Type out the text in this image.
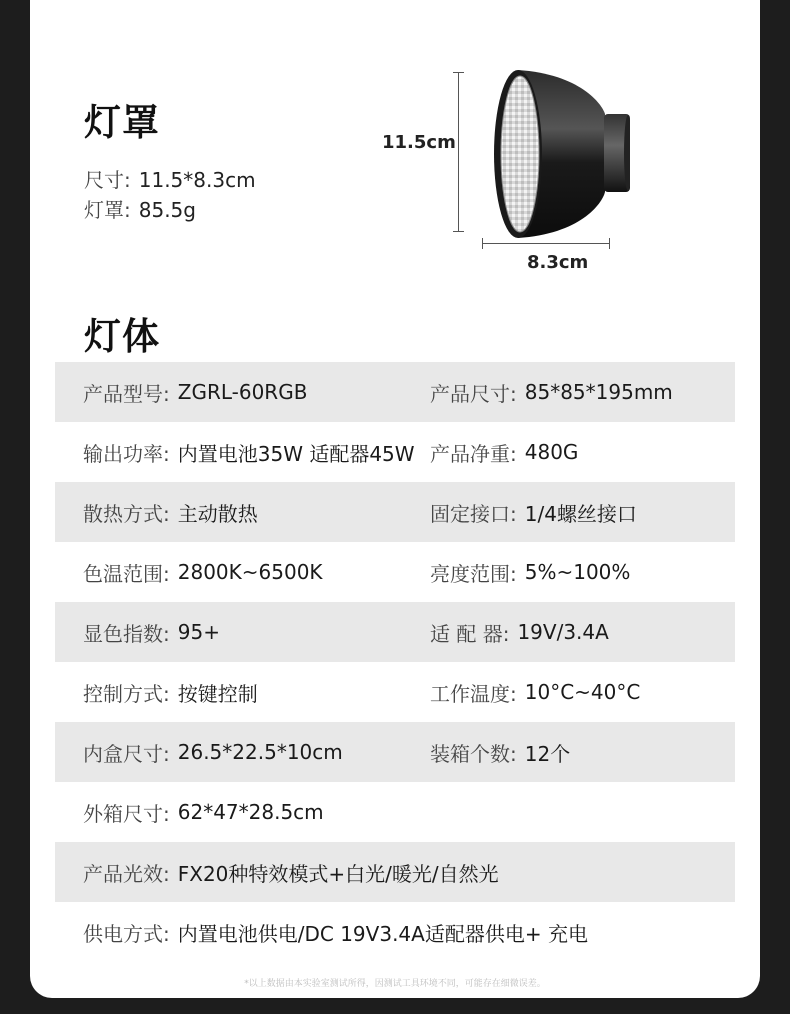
灯罩
尺寸: 11.5*8.3cm
灯罩: 85.5g
11.5cm
8.3cm
灯体
产品型号: ZGRL-60RGB	产品尺寸: 85*85*195mm
输出功率: 内置电池35W 适配器45W 产品净重: 480G
散热方式: 主动散热	固定接口: 1/4螺丝接口
色温范围: 2800K~6500K	亮度范围: 5%~100%
显色指数: 95+	适 配 器: 19V/3.4A
控制方式: 按键控制	工作温度: 10°C~40°C
内盒尺寸: 26.5*22.5*10cm	装箱个数: 12个
外箱尺寸: 62*47*28.5cm
产品光效: FX20种特效模式+白光/暖光/自然光
供电方式: 内置电池供电/DC 19V3.4A适配器供电+ 充电
*以上数据由本实验室测试所得，因测试工具环境不同，可能存在细微误差。
